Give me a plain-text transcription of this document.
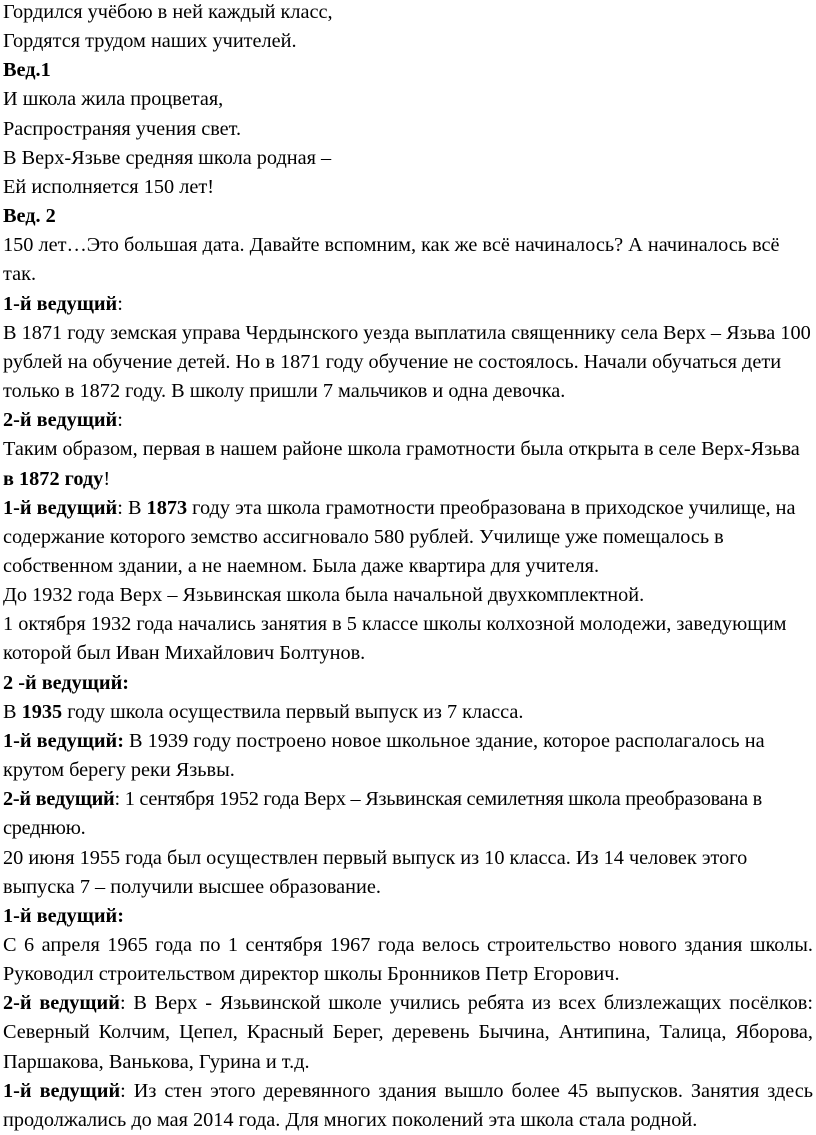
Гордился учёбою в ней каждый класс,

Гордятся трудом наших учителей.

Вед.1

И школа жила процветая,

Распространяя учения свет.

В Верх-Язьве средняя школа родная –

Ей исполняется 150 лет!

Вед. 2

150 лет…Это большая дата. Давайте вспомним, как же всё начиналось? А начиналось всё так.

1-й ведущий:

В 1871 году земская управа Чердынского уезда выплатила священнику села Верх – Язьва 100 рублей на обучение детей. Но в 1871 году обучение не состоялось. Начали обучаться дети только в 1872 году. В школу пришли 7 мальчиков и одна девочка.

2-й ведущий:

Таким образом, первая в нашем районе школа грамотности была открыта в селе Верх-Язьва в 1872 году!

1-й ведущий: В 1873 году эта школа грамотности преобразована в приходское училище, на содержание которого земство ассигновало 580 рублей. Училище уже помещалось в собственном здании, а не наемном. Была даже квартира для учителя.

До 1932 года Верх – Язьвинская школа была начальной двухкомплектной.

1 октября 1932 года начались занятия в 5 классе школы колхозной молодежи, заведующим которой был Иван Михайлович Болтунов.

2 -й ведущий:

В 1935 году школа осуществила первый выпуск из 7 класса.

1-й ведущий: В 1939 году построено новое школьное здание, которое располагалось на крутом берегу реки Язьвы.

2-й ведущий: 1 сентября 1952 года Верх – Язьвинская семилетняя школа преобразована в среднюю.

20 июня 1955 года был осуществлен первый выпуск из 10 класса. Из 14 человек этого выпуска 7 – получили высшее образование.

1-й ведущий:

С 6 апреля 1965 года по 1 сентября 1967 года велось строительство нового здания школы. Руководил строительством директор школы Бронников Петр Егорович.

2-й ведущий: В Верх - Язьвинской школе учились ребята из всех близлежащих посёлков: Северный Колчим, Цепел, Красный Берег, деревень Бычина, Антипина, Талица, Яборова, Паршакова, Ванькова, Гурина и т.д.

1-й ведущий: Из стен этого деревянного здания вышло более 45 выпусков. Занятия здесь продолжались до мая 2014 года. Для многих поколений эта школа стала родной.
